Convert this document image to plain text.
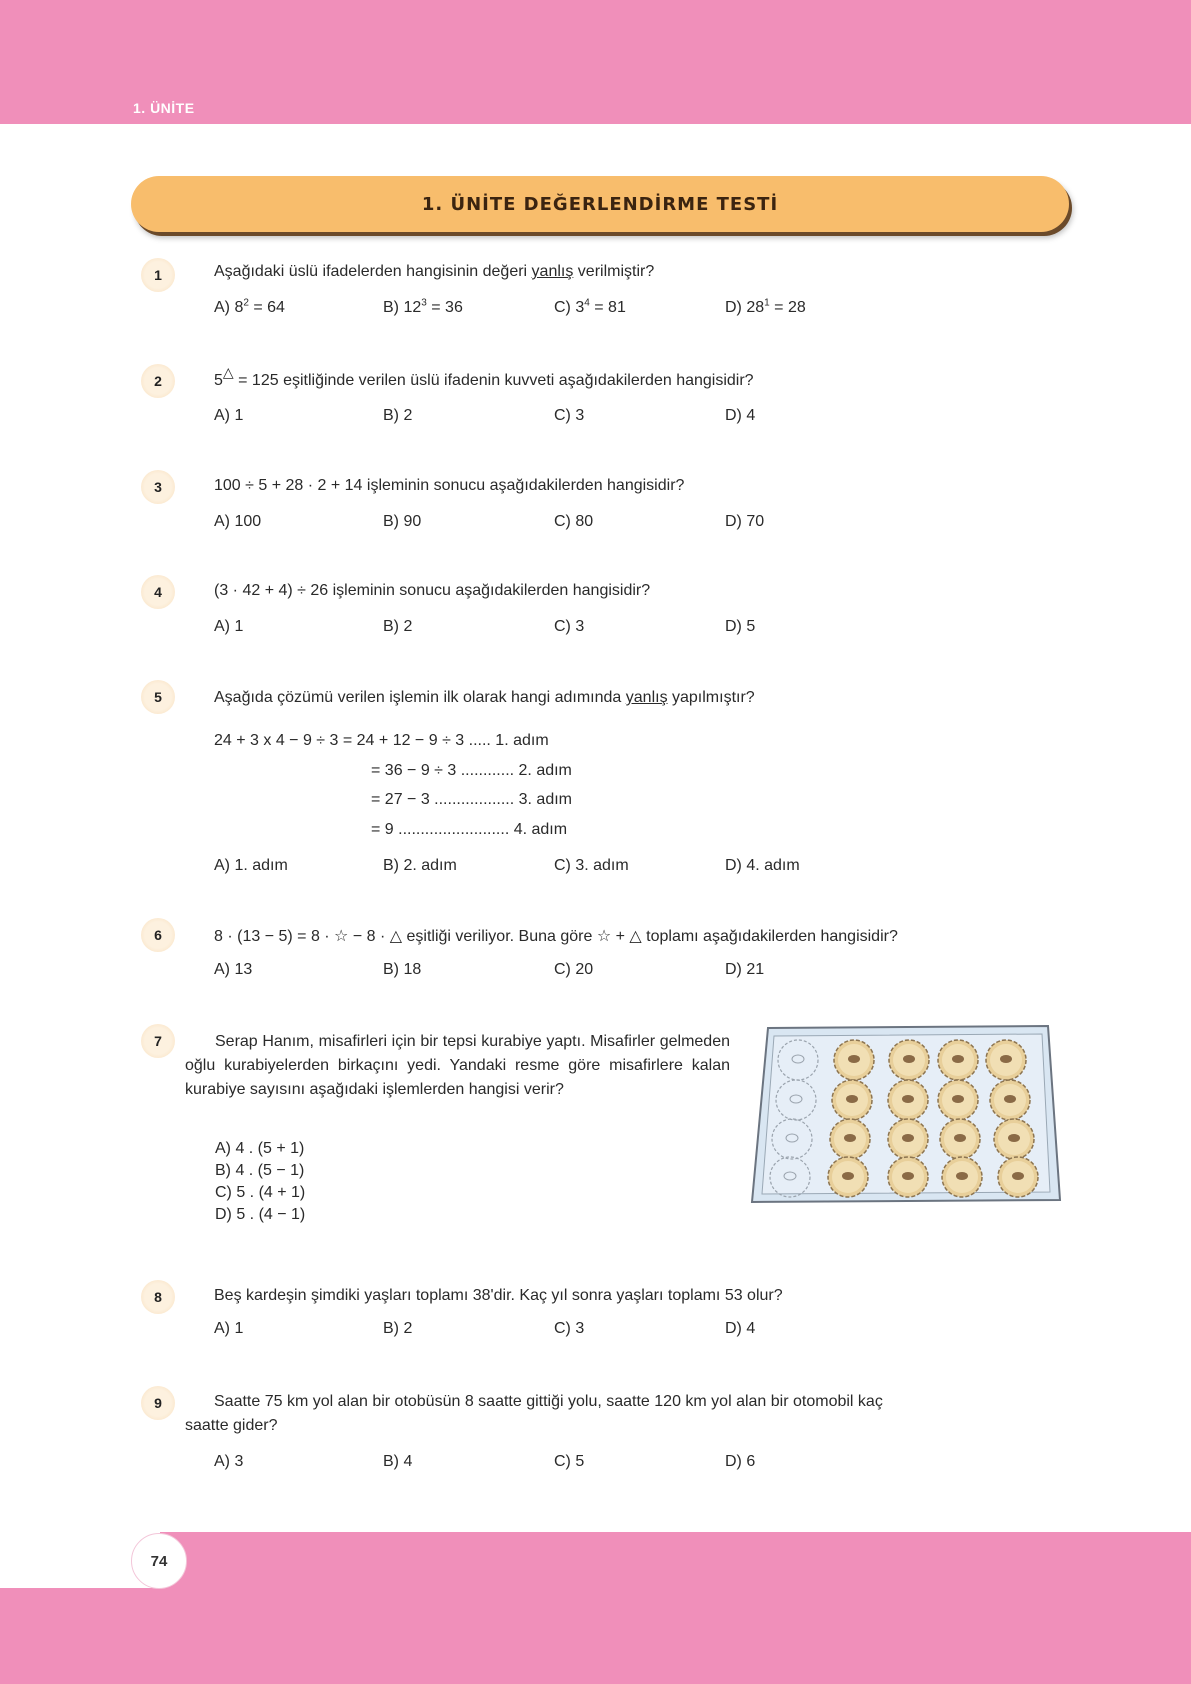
1. ÜNİTE
1. ÜNİTE DEĞERLENDİRME TESTİ
1	Aşağıdaki üslü ifadelerden hangisinin değeri yanlış verilmiştir?
A) $8^2 = 64$	B) $12^3 = 36$	C) $3^4 = 81$	D) $28^1 = 28$
2	5△ = 125 eşitliğinde verilen üslü ifadenin kuvveti aşağıdakilerden hangisidir?
A) 1	B) 2	C) 3	D) 4
3	100 ÷ 5 + 28 · 2 + 14 işleminin sonucu aşağıdakilerden hangisidir?
A) 100	B) 90	C) 80	D) 70
4	(3 · 42 + 4) ÷ 26 işleminin sonucu aşağıdakilerden hangisidir?
A) 1	B) 2	C) 3	D) 5
5	Aşağıda çözümü verilen işlemin ilk olarak hangi adımında yanlış yapılmıştır?
24 + 3 x 4 − 9 ÷ 3 = 24 + 12 − 9 ÷ 3 ..... 1. adım
= 36 − 9 ÷ 3 ............ 2. adım
= 27 − 3 .................. 3. adım
= 9 ......................... 4. adım
A) 1. adım	B) 2. adım	C) 3. adım	D) 4. adım
6	8 · (13 − 5) = 8 · ☆ − 8 · △ eşitliği veriliyor. Buna göre ☆ + △ toplamı aşağıdakilerden hangisidir?
A) 13	B) 18	C) 20	D) 21
7	Serap Hanım, misafirleri için bir tepsi kurabiye yaptı. Misafirler gelmeden oğlu kurabiyelerden birkaçını yedi. Yandaki resme göre misafirlere kalan kurabiye sayısını aşağıdaki işlemlerden hangisi verir?
A) 4 . (5 + 1)
B) 4 . (5 − 1)
C) 5 . (4 + 1)
D) 5 . (4 − 1)
8	Beş kardeşin şimdiki yaşları toplamı 38'dir. Kaç yıl sonra yaşları toplamı 53 olur?
A) 1	B) 2	C) 3	D) 4
9	Saatte 75 km yol alan bir otobüsün 8 saatte gittiği yolu, saatte 120 km yol alan bir otomobil kaç
saatte gider?
A) 3	B) 4	C) 5	D) 6
74
